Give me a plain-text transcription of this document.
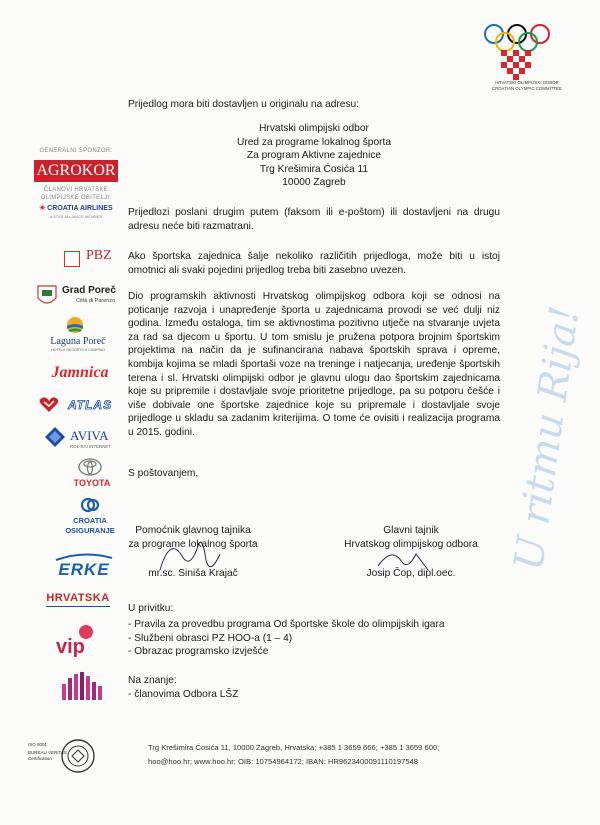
HRVATSKI OLIMPIJSKI ODBOR
CROATIAN OLYMPIC COMMITTEE
GENERALNI SPONZOR:
AGROKOR
ČLANOVI HRVATSKE
OLIMPIJSKE OBITELJI:
✳ CROATIA AIRLINES
A STAR ALLIANCE MEMBER
PBZ
Grad Poreč
Città di Parenzo
Laguna Poreč
HOTELS RESORTS & CAMPING
Jamnica
ATLAS
AVIVA
ROL-RAI INTERNET
TOYOTA
CROATIA
OSIGURANJE
ERKE
HRVATSKA
vip
ISO 9001
BUREAU VERITAS
Certification
Prijedlog mora biti dostavljen u originalu na adresu:
Hrvatski olimpijski odbor
Ured za programe lokalnog športa
Za program Aktivne zajednice
Trg Krešimira Ćosića 11
10000 Zagreb

Prijedlozi poslani drugim putem (faksom ili e-poštom) ili dostavljeni na drugu adresu neće biti razmatrani.

Ako športska zajednica šalje nekoliko različitih prijedloga, može biti u istoj omotnici ali svaki pojedini prijedlog treba biti zasebno uvezen.

Dio programskih aktivnosti Hrvatskog olimpijskog odbora koji se odnosi na poticanje razvoja i unapređenje športa u zajednicama provodi se već dulji niz godina. Između ostaloga, tim se aktivnostima pozitivno utječe na stvaranje uvjeta za rad sa djecom u športu. U tom smislu je pružena potpora brojnim športskim projektima na način da je sufinancirana nabava športskih sprava i opreme, kombija kojima se mladi športaši voze na treninge i natjecanja, uređenje športskih terena i sl. Hrvatski olimpijski odbor je glavnu ulogu dao športskim zajednicama koje su pripremile i dostavljale svoje prioritetne prijedloge, pa su potporu češće i više dobivale one športske zajednice koje su pripremale i dostavljale svoje prijedloge u skladu sa zadanim kriterijima. O tome će ovisiti i realizacija programa u 2015. godini.

S poštovanjem,
U privitku:
- Pravila za provedbu programa Od športske škole do olimpijskih igara
- Službeni obrasci PZ HOO-a (1 – 4)
- Obrazac programsko izvješće
Na znanje:
- članovima Odbora LŠZ
Pomoćnik glavnog tajnika
za programe lokalnog športa
mr.sc. Siniša Krajač
Glavni tajnik
Hrvatskog olimpijskog odbora
Josip Čop, dipl.oec.
U ritmu Rija!
Trg Krešimira Ćosića 11, 10000 Zagreb, Hrvatska; +385 1 3659 666; +385 1 3659 600;
hoo@hoo.hr; www.hoo.hr; OIB: 10754964172; IBAN: HR9623400091110197548
